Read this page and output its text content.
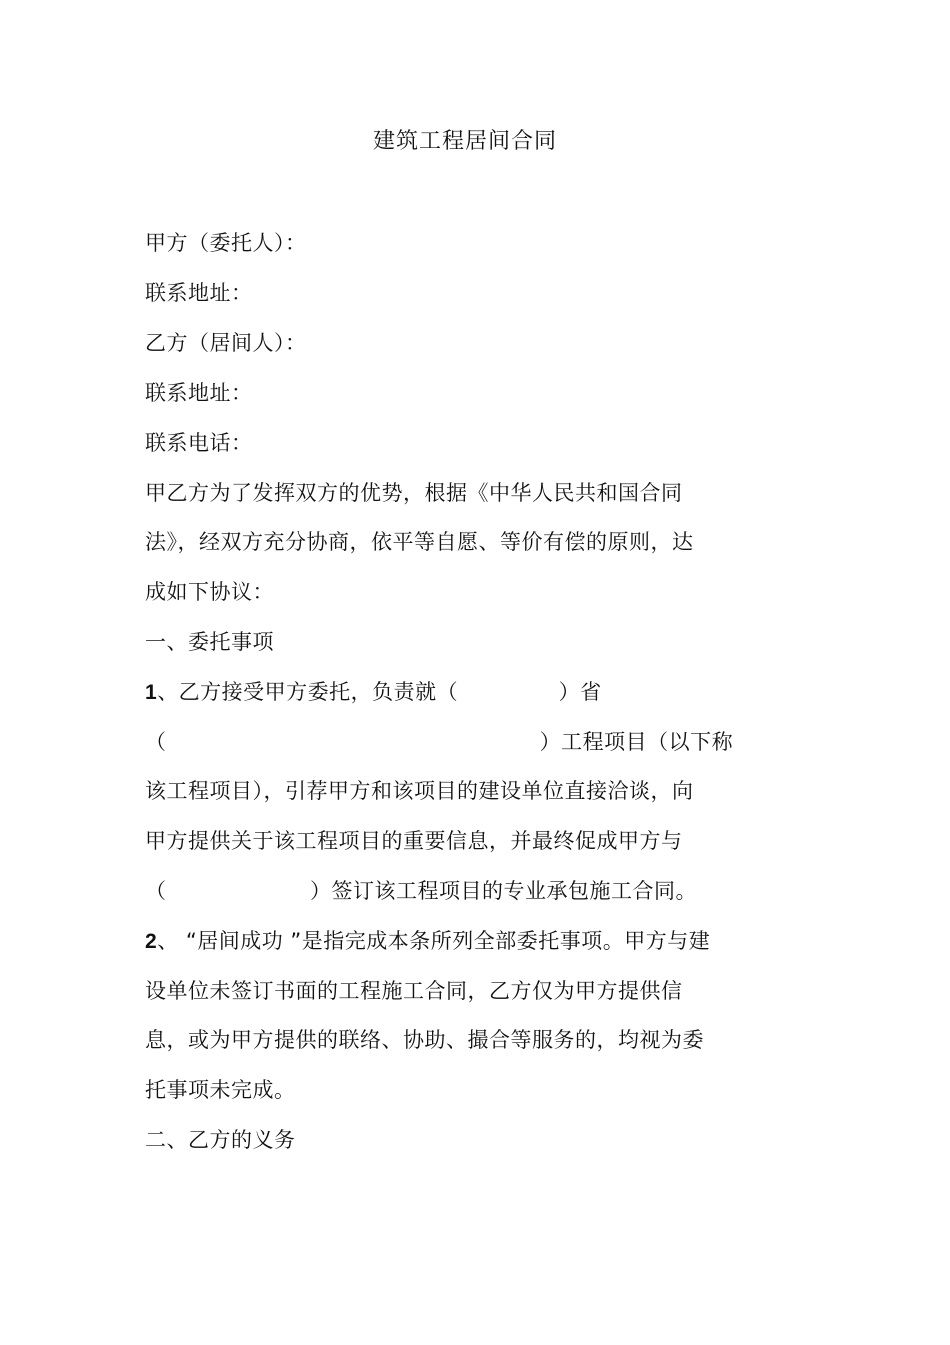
建筑工程居间合同
甲方（委托人）：
联系地址：
乙方（居间人）：
联系地址：
联系电话：
甲乙方为了发挥双方的优势，根据《中华人民共和国合同
法》，经双方充分协商，依平等自愿、等价有偿的原则，达
成如下协议：
一、委托事项
1、乙方接受甲方委托，负责就（              ）省
（                                                    ）工程项目（以下称
该工程项目），引荐甲方和该项目的建设单位直接洽谈，向
甲方提供关于该工程项目的重要信息，并最终促成甲方与
（                    ）签订该工程项目的专业承包施工合同。
2、 “居间成功 ”是指完成本条所列全部委托事项。甲方与建
设单位未签订书面的工程施工合同，乙方仅为甲方提供信
息，或为甲方提供的联络、协助、撮合等服务的，均视为委
托事项未完成。
二、乙方的义务
